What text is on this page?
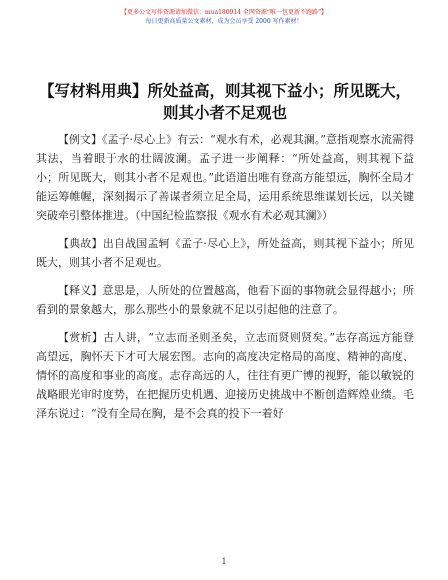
【更多公文写作资源请加微信：mua180914 全网资源“唯一包更新不跑路”】
每日更新高质量公文素材，成为会员享受 2000 写作素材！
【写材料用典】所处益高，则其视下益小；所见既大，则其小者不足观也

【例文】《孟子·尽心上》有云：“观水有术，必观其澜。”意指观察水流需得其法，当着眼于水的壮阔波澜。孟子进一步阐释：“所处益高，则其视下益小；所见既大，则其小者不足观也。”此语道出唯有登高方能望远，胸怀全局才能运筹帷幄，深刻揭示了善谋者须立足全局，运用系统思维谋划长远，以关键突破牵引整体推进。（中国纪检监察报《观水有术必观其澜》）

【典故】出自战国孟轲《孟子·尽心上》，所处益高，则其视下益小；所见既大，则其小者不足观也。

【释义】意思是，人所处的位置越高，他看下面的事物就会显得越小；所看到的景象越大，那么那些小的景象就不足以引起他的注意了。

【赏析】古人讲，“立志而圣则圣矣，立志而贤则贤矣。”志存高远方能登高望远，胸怀天下才可大展宏图。志向的高度决定格局的高度、精神的高度、情怀的高度和事业的高度。志存高远的人，往往有更广博的视野，能以敏锐的战略眼光审时度势，在把握历史机遇、迎接历史挑战中不断创造辉煌业绩。毛泽东说过：“没有全局在胸，是不会真的投下一着好

1
